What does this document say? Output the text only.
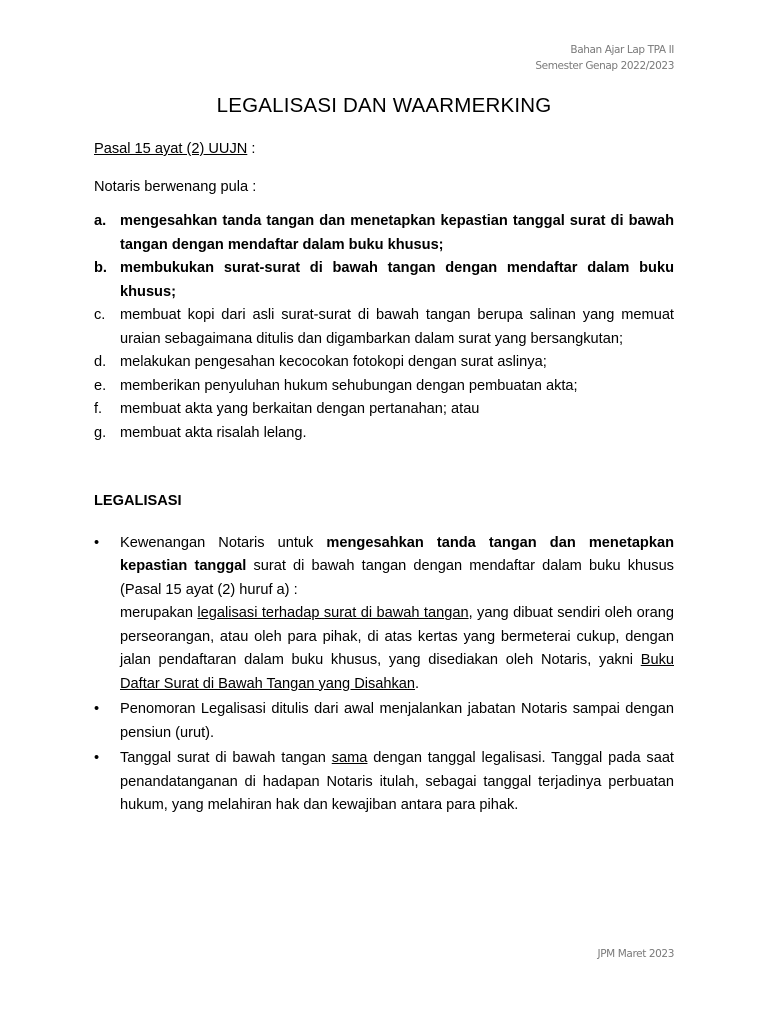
Bahan Ajar Lap TPA II
Semester Genap 2022/2023
LEGALISASI DAN WAARMERKING

Pasal 15 ayat (2) UUJN :

Notaris berwenang pula :

a. mengesahkan tanda tangan dan menetapkan kepastian tanggal surat di bawah tangan dengan mendaftar dalam buku khusus;
b. membukukan surat-surat di bawah tangan dengan mendaftar dalam buku khusus;
c. membuat kopi dari asli surat-surat di bawah tangan berupa salinan yang memuat uraian sebagaimana ditulis dan digambarkan dalam surat yang bersangkutan;
d. melakukan pengesahan kecocokan fotokopi dengan surat aslinya;
e. memberikan penyuluhan hukum sehubungan dengan pembuatan akta;
f. membuat akta yang berkaitan dengan pertanahan; atau
g. membuat akta risalah lelang.

LEGALISASI

• Kewenangan Notaris untuk mengesahkan tanda tangan dan menetapkan kepastian tanggal surat di bawah tangan dengan mendaftar dalam buku khusus (Pasal 15 ayat (2) huruf a) :
merupakan legalisasi terhadap surat di bawah tangan, yang dibuat sendiri oleh orang perseorangan, atau oleh para pihak, di atas kertas yang bermeterai cukup, dengan jalan pendaftaran dalam buku khusus, yang disediakan oleh Notaris, yakni Buku Daftar Surat di Bawah Tangan yang Disahkan.
• Penomoran Legalisasi ditulis dari awal menjalankan jabatan Notaris sampai dengan pensiun (urut).
• Tanggal surat di bawah tangan sama dengan tanggal legalisasi. Tanggal pada saat penandatanganan di hadapan Notaris itulah, sebagai tanggal terjadinya perbuatan hukum, yang melahiran hak dan kewajiban antara para pihak.
JPM Maret 2023
